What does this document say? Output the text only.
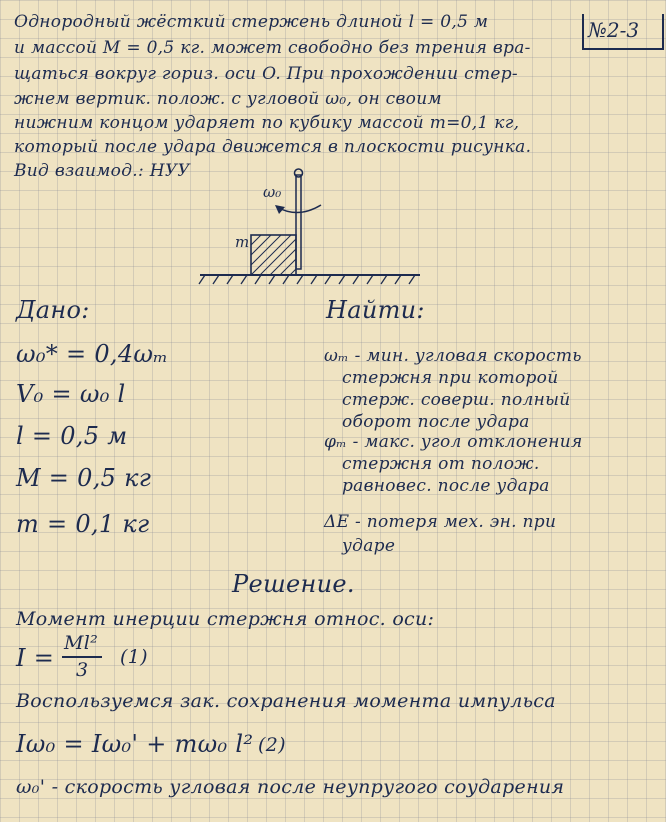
№2-3
Однородный жёсткий стержень длиной l = 0,5 м
и массой M = 0,5 кг. может свободно без трения вра-
щаться вокруг гориз. оси O. При прохождении стер-
жнем вертик. полож. с угловой ω₀, он своим
нижним концом ударяет по кубику массой m=0,1 кг,
который после удара движется в плоскости рисунка.
Вид взаимод.: НУУ
ω₀
m
Дано:
ω₀* = 0,4ωₘ
V₀ = ω₀ l
l = 0,5 м
M = 0,5 кг
m = 0,1 кг
Найти:
ωₘ - мин. угловая скорость
стержня при которой
стерж. соверш. полный
оборот после удара
φₘ - макс. угол отклонения
стержня от полож.
равновес. после удара
ΔE - потеря мех. эн. при
ударе
Решение.
Момент инерции стержня относ. оси:
I =
Ml²
3
(1)
Воспользуемся зак. сохранения момента импульса
Iω₀ = Iω₀' + mω₀ l² (2)
ω₀' - скорость угловая после неупругого соударения
